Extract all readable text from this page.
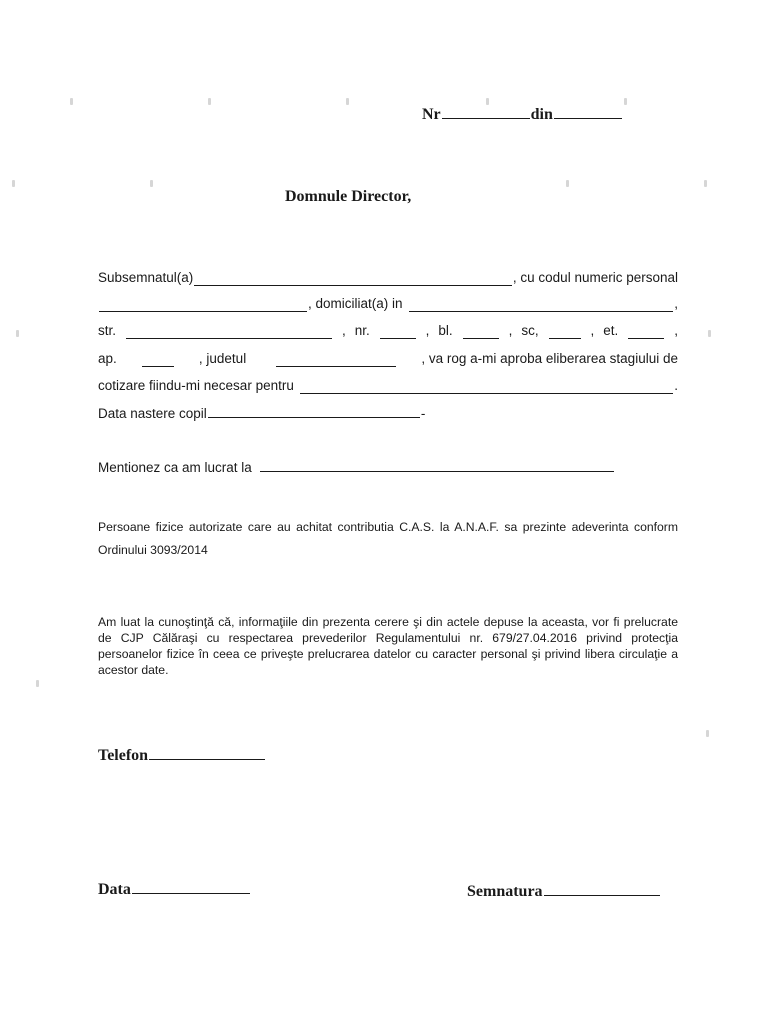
Nr	din
Domnule Director,
Subsemnatul(a)	, cu codul numeric personal
, domiciliat(a) in	,
str.	, nr.	, bl.	, sc,	, et.	,
ap.	, judetul	, va rog a-mi aproba eliberarea stagiului de
cotizare fiindu-mi necesar pentru	.
Data nastere copil	-
Mentionez ca am lucrat la
Persoane fizice autorizate care au achitat contributia C.A.S. la A.N.A.F. sa prezinte adeverinta conform Ordinului 3093/2014
Am luat la cunoştinţă că, informaţiile din prezenta cerere şi din actele depuse la aceasta, vor fi prelucrate de CJP Călăraşi cu respectarea prevederilor Regulamentului nr. 679/27.04.2016 privind protecţia persoanelor fizice în ceea ce priveşte prelucrarea datelor cu caracter personal şi privind libera circulaţie a acestor date.
Telefon
Data	Semnatura
